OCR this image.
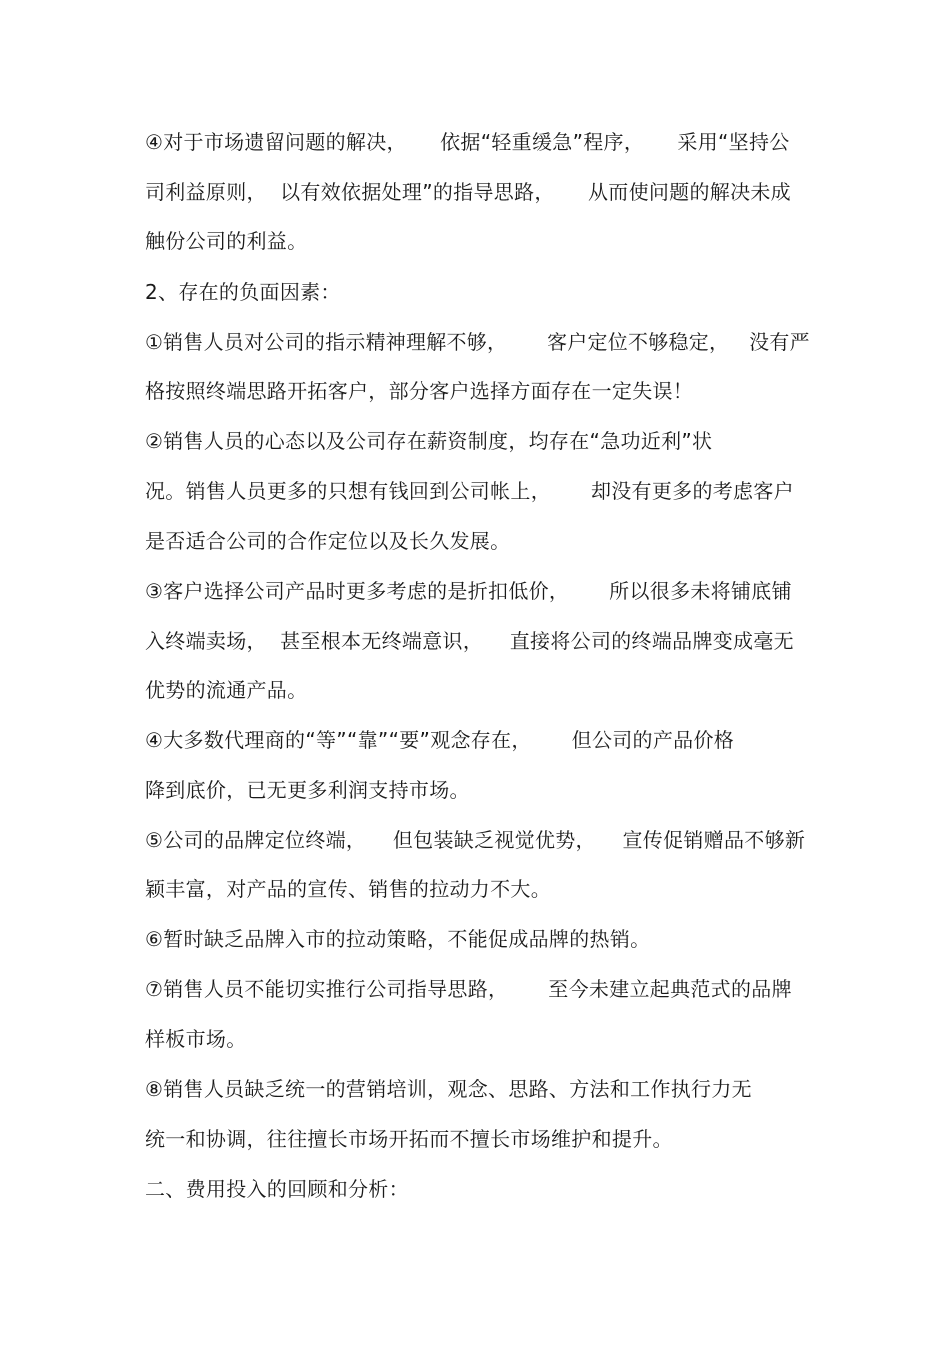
④对于市场遗留问题的解决，     依据“轻重缓急”程序，     采用“坚持公
司利益原则，  以有效依据处理”的指导思路，     从而使问题的解决未成
触份公司的利益。
2、存在的负面因素：
①销售人员对公司的指示精神理解不够，      客户定位不够稳定，   没有严
格按照终端思路开拓客户，部分客户选择方面存在一定失误！
②销售人员的心态以及公司存在薪资制度，均存在“急功近利”状
况。销售人员更多的只想有钱回到公司帐上，      却没有更多的考虑客户
是否适合公司的合作定位以及长久发展。
③客户选择公司产品时更多考虑的是折扣低价，      所以很多未将铺底铺
入终端卖场，  甚至根本无终端意识，    直接将公司的终端品牌变成毫无
优势的流通产品。
④大多数代理商的“等”“靠”“要”观念存在，      但公司的产品价格
降到底价，已无更多利润支持市场。
⑤公司的品牌定位终端，    但包装缺乏视觉优势，    宣传促销赠品不够新
颖丰富，对产品的宣传、销售的拉动力不大。
⑥暂时缺乏品牌入市的拉动策略，不能促成品牌的热销。
⑦销售人员不能切实推行公司指导思路，      至今未建立起典范式的品牌
样板市场。
⑧销售人员缺乏统一的营销培训，观念、思路、方法和工作执行力无
统一和协调，往往擅长市场开拓而不擅长市场维护和提升。
二、费用投入的回顾和分析：
